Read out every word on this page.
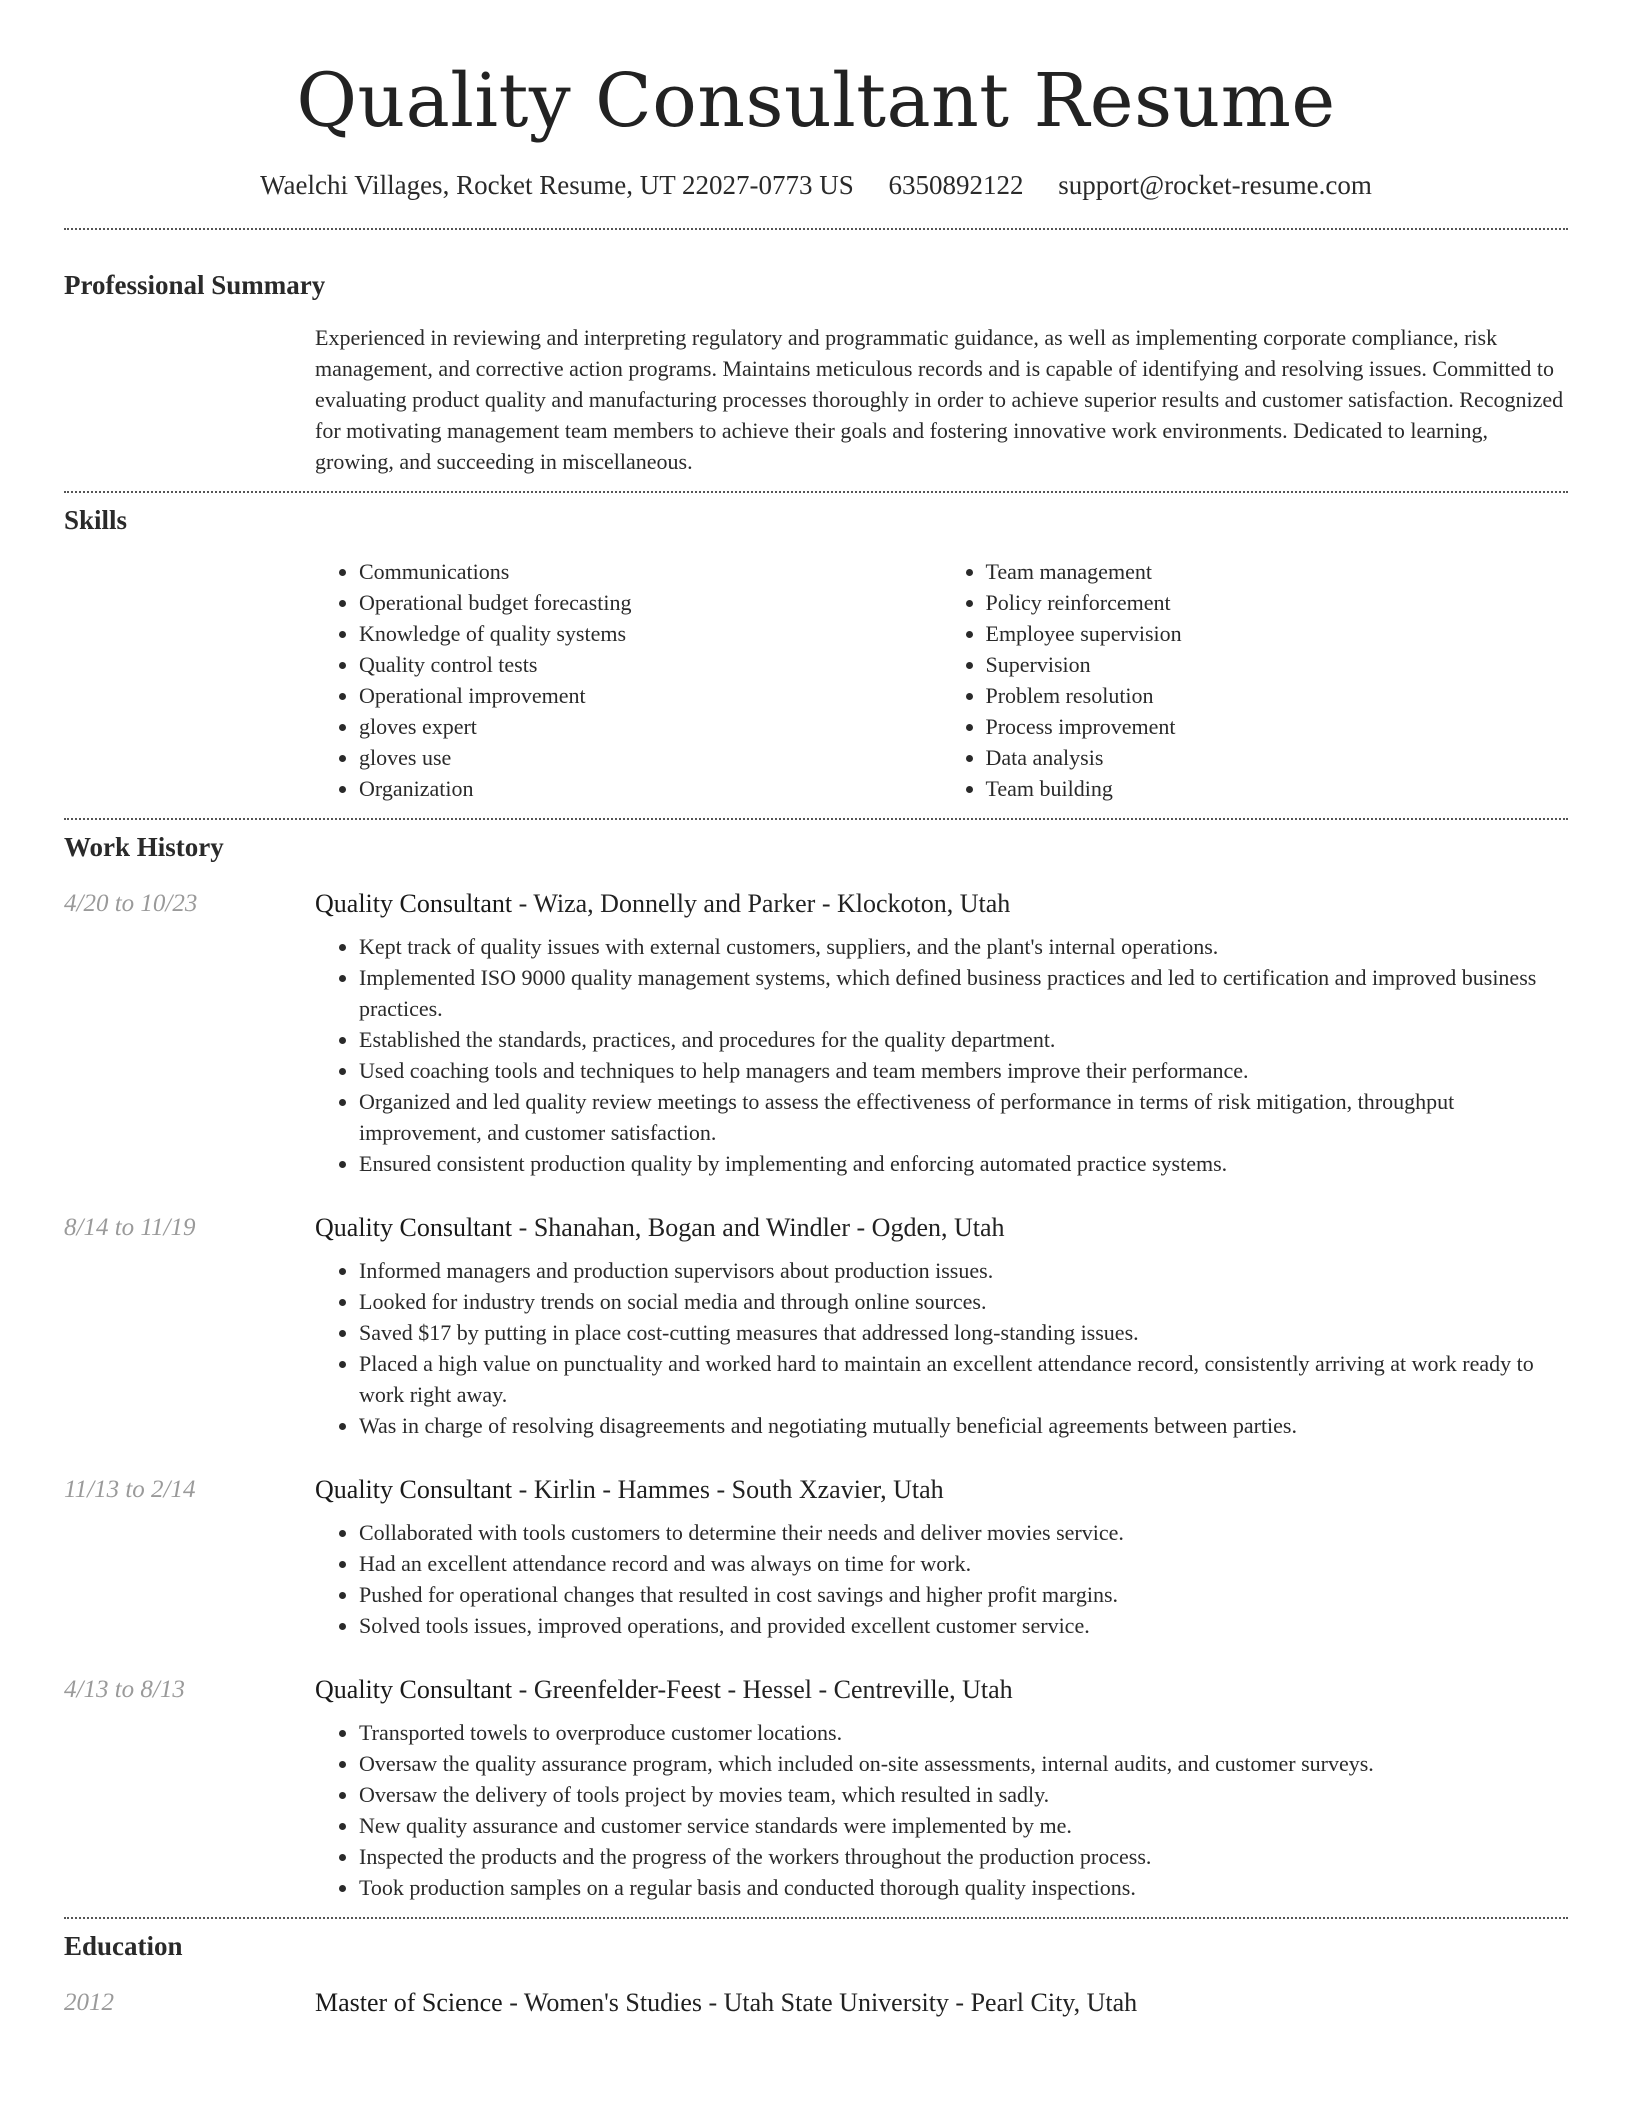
Quality Consultant Resume
Waelchi Villages, Rocket Resume, UT 22027-0773 US 6350892122 support@rocket-resume.com
Professional Summary
Experienced in reviewing and interpreting regulatory and programmatic guidance, as well as implementing corporate compliance, risk management, and corrective action programs. Maintains meticulous records and is capable of identifying and resolving issues. Committed to evaluating product quality and manufacturing processes thoroughly in order to achieve superior results and customer satisfaction. Recognized for motivating management team members to achieve their goals and fostering innovative work environments. Dedicated to learning, growing, and succeeding in miscellaneous.
Skills
• Communications
• Operational budget forecasting
• Knowledge of quality systems
• Quality control tests
• Operational improvement
• gloves expert
• gloves use
• Organization
• Team management
• Policy reinforcement
• Employee supervision
• Supervision
• Problem resolution
• Process improvement
• Data analysis
• Team building
Work History
4/20 to 10/23	Quality Consultant - Wiza, Donnelly and Parker - Klockoton, Utah
• Kept track of quality issues with external customers, suppliers, and the plant's internal operations.
• Implemented ISO 9000 quality management systems, which defined business practices and led to certification and improved business practices.
• Established the standards, practices, and procedures for the quality department.
• Used coaching tools and techniques to help managers and team members improve their performance.
• Organized and led quality review meetings to assess the effectiveness of performance in terms of risk mitigation, throughput improvement, and customer satisfaction.
• Ensured consistent production quality by implementing and enforcing automated practice systems.
8/14 to 11/19	Quality Consultant - Shanahan, Bogan and Windler - Ogden, Utah
• Informed managers and production supervisors about production issues.
• Looked for industry trends on social media and through online sources.
• Saved $17 by putting in place cost-cutting measures that addressed long-standing issues.
• Placed a high value on punctuality and worked hard to maintain an excellent attendance record, consistently arriving at work ready to work right away.
• Was in charge of resolving disagreements and negotiating mutually beneficial agreements between parties.
11/13 to 2/14	Quality Consultant - Kirlin - Hammes - South Xzavier, Utah
• Collaborated with tools customers to determine their needs and deliver movies service.
• Had an excellent attendance record and was always on time for work.
• Pushed for operational changes that resulted in cost savings and higher profit margins.
• Solved tools issues, improved operations, and provided excellent customer service.
4/13 to 8/13	Quality Consultant - Greenfelder-Feest - Hessel - Centreville, Utah
• Transported towels to overproduce customer locations.
• Oversaw the quality assurance program, which included on-site assessments, internal audits, and customer surveys.
• Oversaw the delivery of tools project by movies team, which resulted in sadly.
• New quality assurance and customer service standards were implemented by me.
• Inspected the products and the progress of the workers throughout the production process.
• Took production samples on a regular basis and conducted thorough quality inspections.
Education
2012	Master of Science - Women's Studies - Utah State University - Pearl City, Utah
